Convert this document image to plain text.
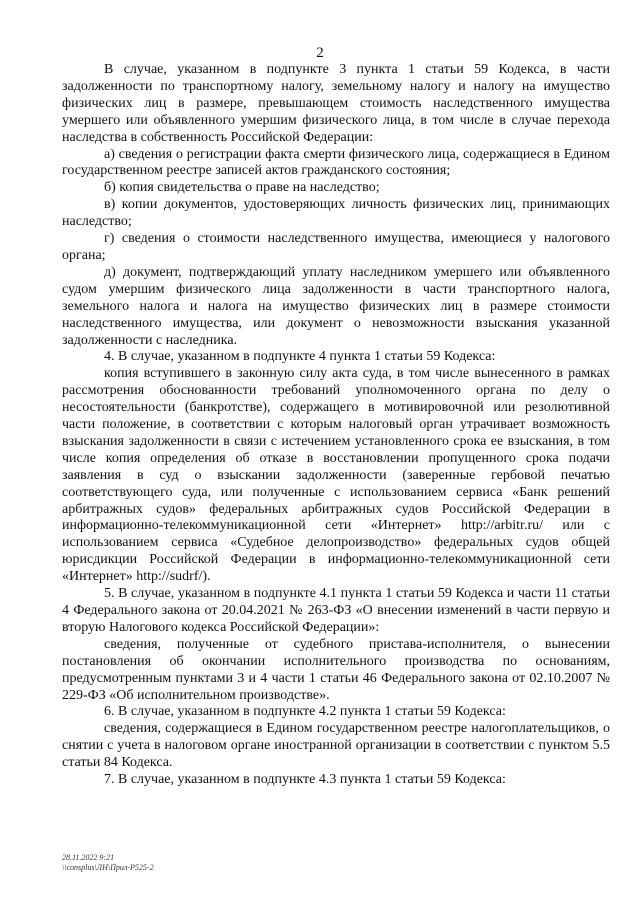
2

В случае, указанном в подпункте 3 пункта 1 статьи 59 Кодекса, в части задолженности по транспортному налогу, земельному налогу и налогу на имущество физических лиц в размере, превышающем стоимость наследственного имущества умершего или объявленного умершим физического лица, в том числе в случае перехода наследства в собственность Российской Федерации:

а) сведения о регистрации факта смерти физического лица, содержащиеся в Едином государственном реестре записей актов гражданского состояния;

б) копия свидетельства о праве на наследство;

в) копии документов, удостоверяющих личность физических лиц, принимающих наследство;

г) сведения о стоимости наследственного имущества, имеющиеся у налогового органа;

д) документ, подтверждающий уплату наследником умершего или объявленного судом умершим физического лица задолженности в части транспортного налога, земельного налога и налога на имущество физических лиц в размере стоимости наследственного имущества, или документ о невозможности взыскания указанной задолженности с наследника.

4. В случае, указанном в подпункте 4 пункта 1 статьи 59 Кодекса:

копия вступившего в законную силу акта суда, в том числе вынесенного в рамках рассмотрения обоснованности требований уполномоченного органа по делу о несостоятельности (банкротстве), содержащего в мотивировочной или резолютивной части положение, в соответствии с которым налоговый орган утрачивает возможность взыскания задолженности в связи с истечением установленного срока ее взыскания, в том числе копия определения об отказе в восстановлении пропущенного срока подачи заявления в суд о взыскании задолженности (заверенные гербовой печатью соответствующего суда, или полученные с использованием сервиса «Банк решений арбитражных судов» федеральных арбитражных судов Российской Федерации в информационно-телекоммуникационной сети «Интернет» http://arbitr.ru/ или с использованием сервиса «Судебное делопроизводство» федеральных судов общей юрисдикции Российской Федерации в информационно-телекоммуникационной сети «Интернет» http://sudrf/).

5. В случае, указанном в подпункте 4.1 пункта 1 статьи 59 Кодекса и части 11 статьи 4 Федерального закона от 20.04.2021 № 263-ФЗ «О внесении изменений в части первую и вторую Налогового кодекса Российской Федерации»:

сведения, полученные от судебного пристава-исполнителя, о вынесении постановления об окончании исполнительного производства по основаниям, предусмотренным пунктами 3 и 4 части 1 статьи 46 Федерального закона от 02.10.2007 № 229-ФЗ «Об исполнительном производстве».

6. В случае, указанном в подпункте 4.2 пункта 1 статьи 59 Кодекса:

сведения, содержащиеся в Едином государственном реестре налогоплательщиков, о снятии с учета в налоговом органе иностранной организации в соответствии с пунктом 5.5 статьи 84 Кодекса.

7. В случае, указанном в подпункте 4.3 пункта 1 статьи 59 Кодекса:

28.11.2022 9:21
\\consplus\ЛН\Прил-Р525-2
